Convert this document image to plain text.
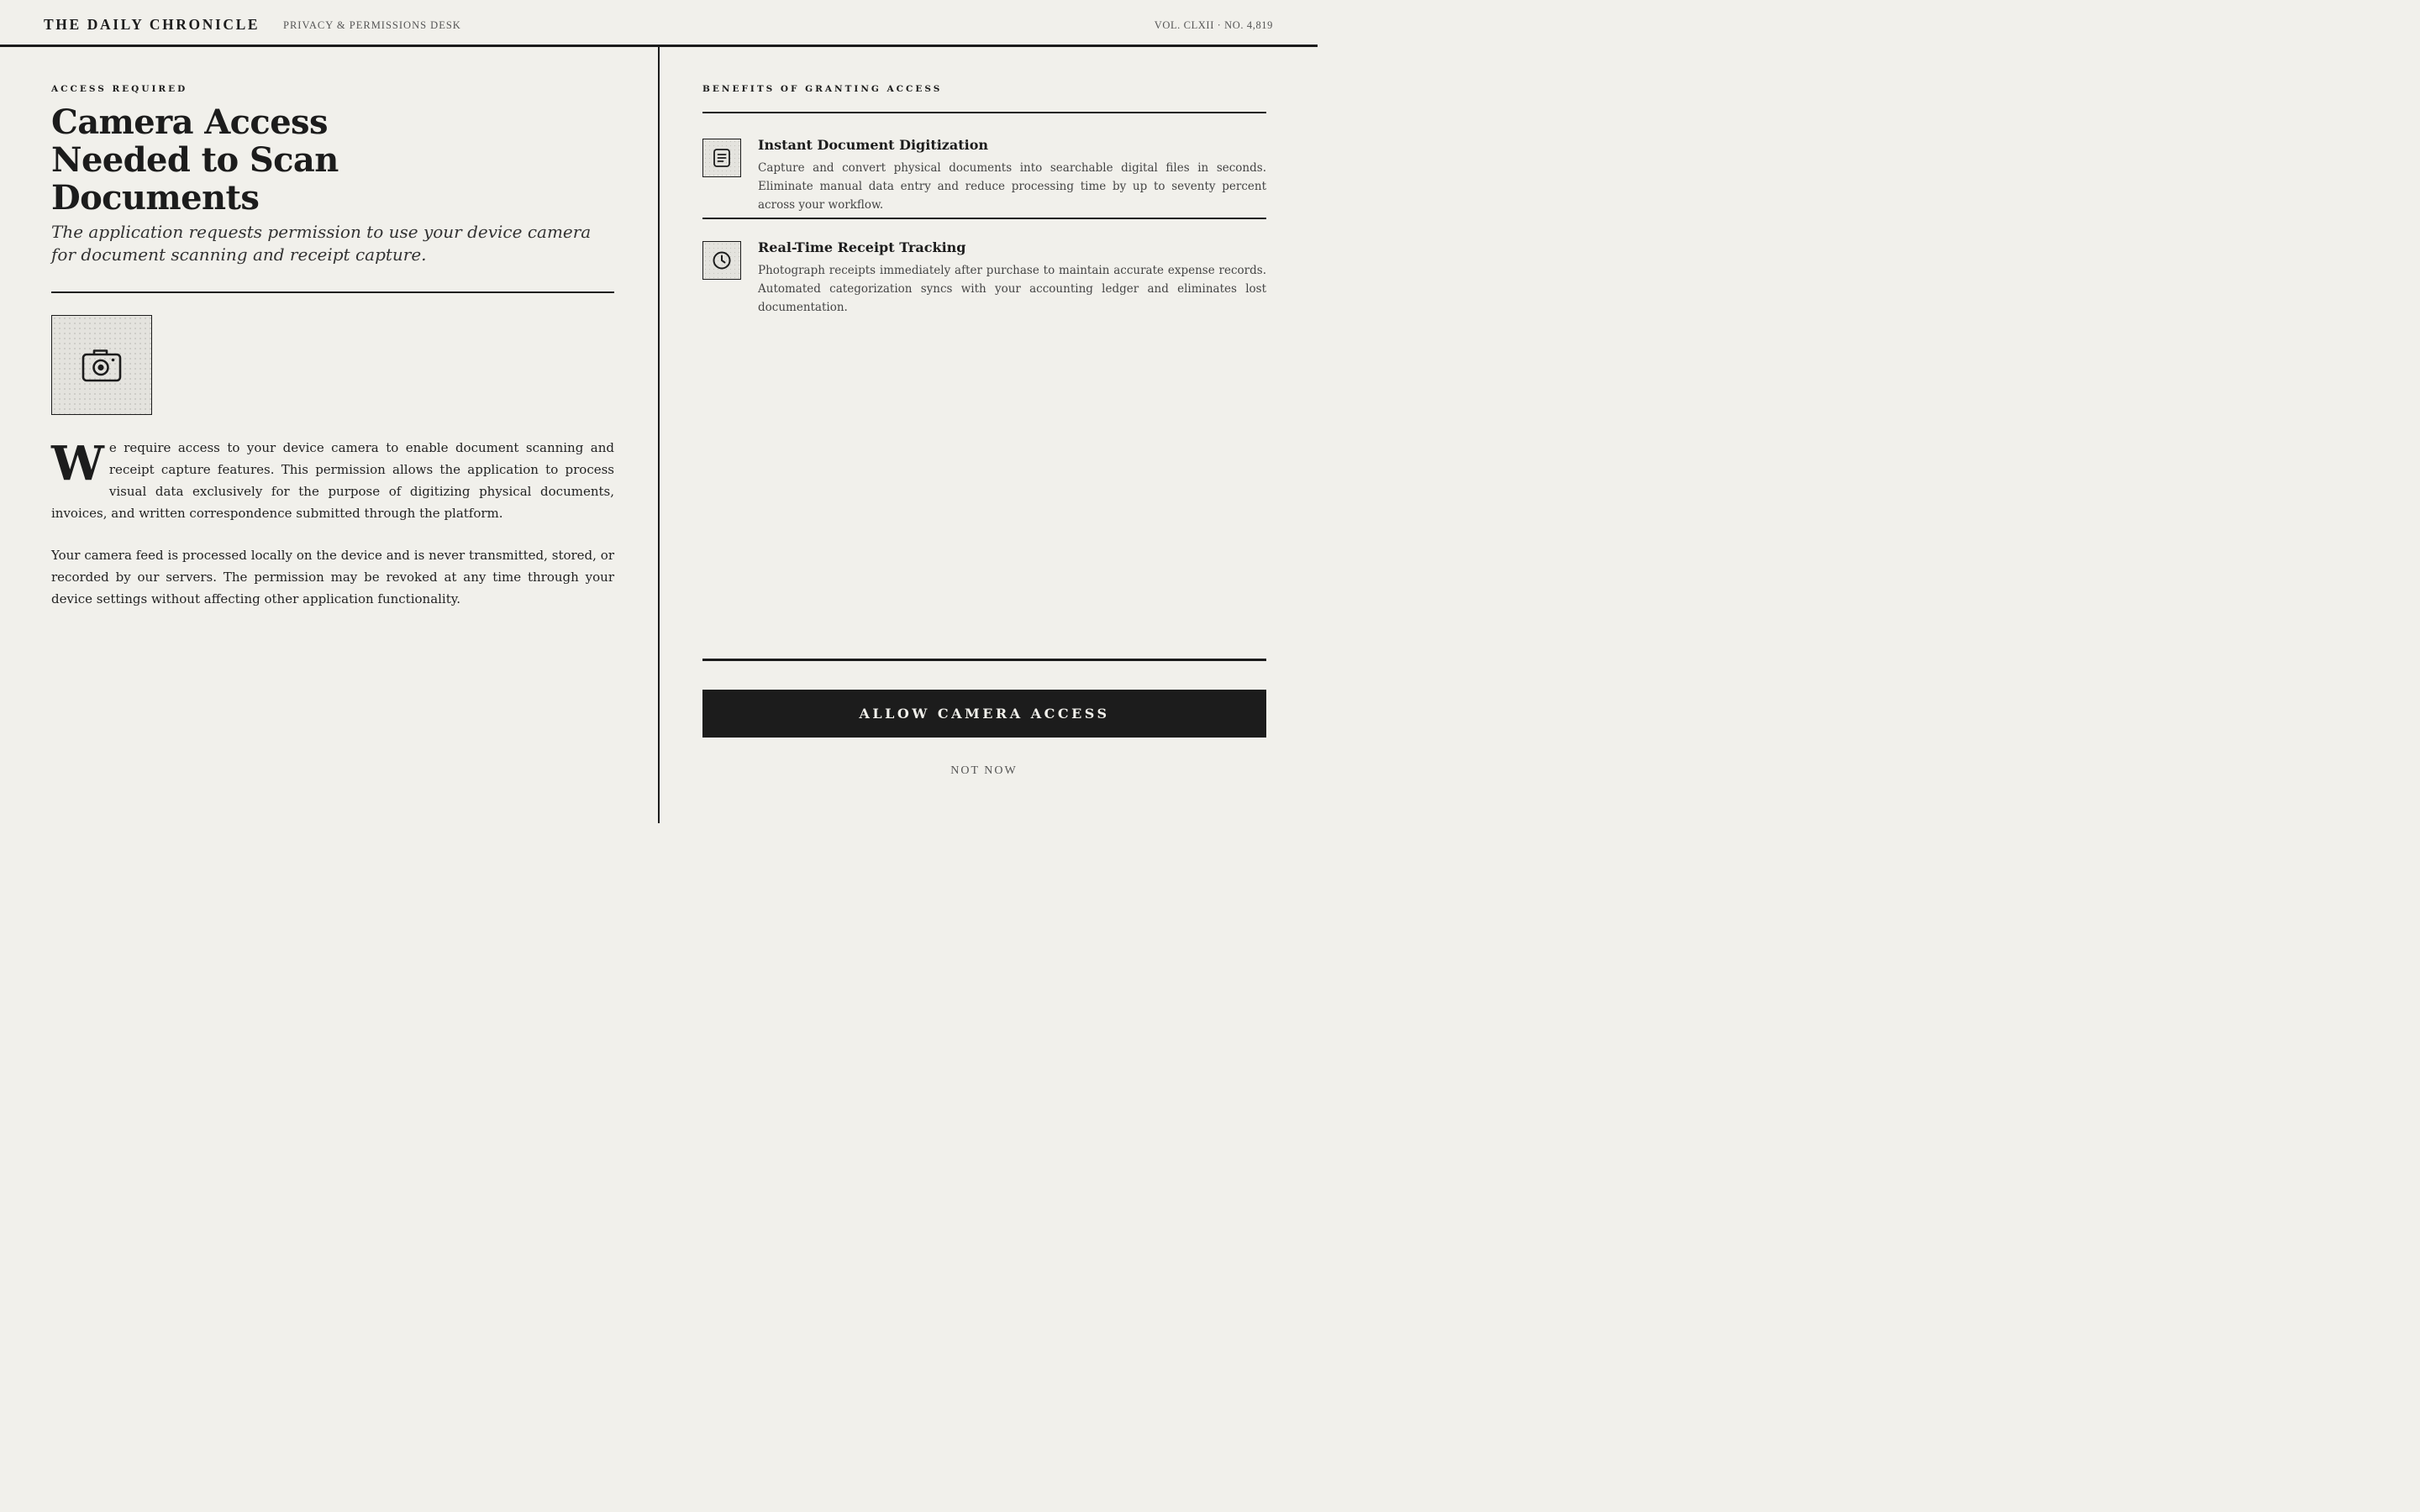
THE DAILY CHRONICLE PRIVACY & PERMISSIONS DESK	VOL. CLXII · NO. 4,819
ACCESS REQUIRED
Camera Access Needed to Scan Documents

The application requests permission to use your device camera for document scanning and receipt capture.

We require access to your device camera to enable document scanning and receipt capture features. This permission allows the application to process visual data exclusively for the purpose of digitizing physical documents, invoices, and written correspondence submitted through the platform.

Your camera feed is processed locally on the device and is never transmitted, stored, or recorded by our servers. The permission may be revoked at any time through your device settings without affecting other application functionality.

BENEFITS OF GRANTING ACCESS
Instant Document Digitization
Capture and convert physical documents into searchable digital files in seconds. Eliminate manual data entry and reduce processing time by up to seventy percent across your workflow.
Real-Time Receipt Tracking
Photograph receipts immediately after purchase to maintain accurate expense records. Automated categorization syncs with your accounting ledger and eliminates lost documentation.
ALLOW CAMERA ACCESS
NOT NOW
